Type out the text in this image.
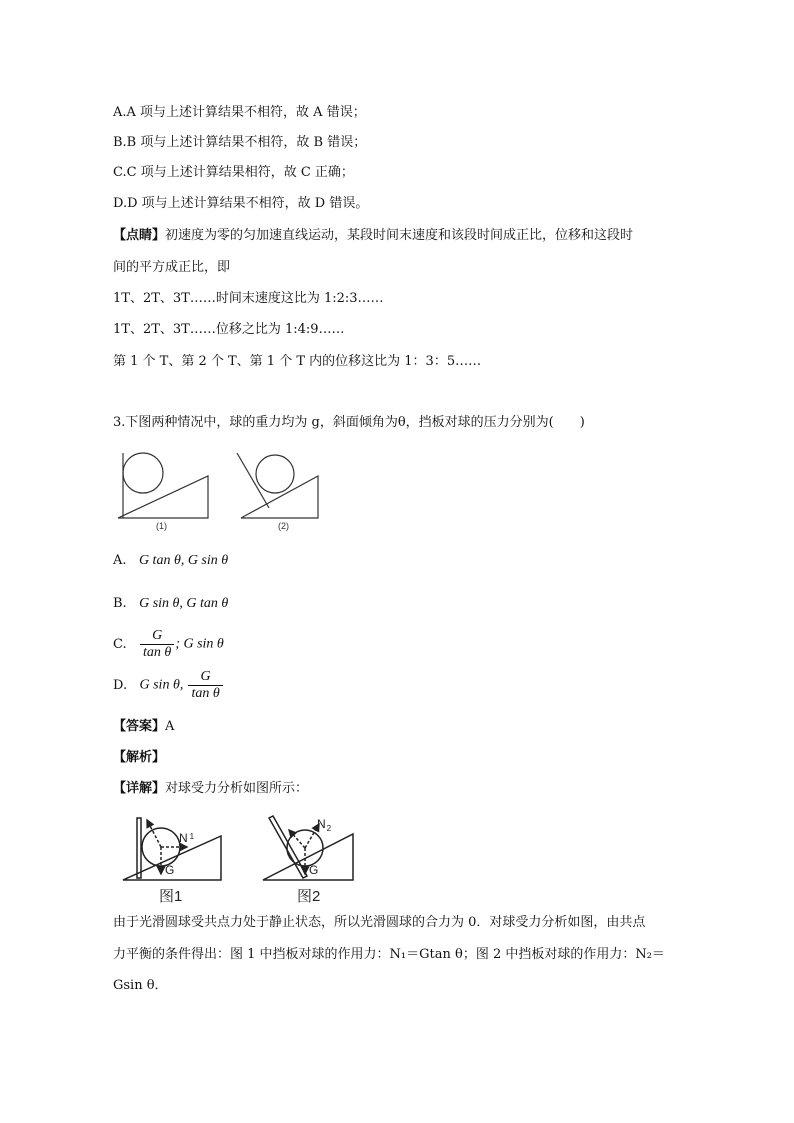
A.A 项与上述计算结果不相符，故 A 错误；
B.B 项与上述计算结果不相符，故 B 错误；
C.C 项与上述计算结果相符，故 C 正确；
D.D 项与上述计算结果不相符，故 D 错误。
【点睛】初速度为零的匀加速直线运动，某段时间末速度和该段时间成正比，位移和这段时
间的平方成正比，即
1T、2T、3T……时间末速度这比为 1:2:3……
1T、2T、3T……位移之比为 1:4:9……
第 1 个 T、第 2 个 T、第 1 个 T 内的位移这比为 1：3：5……
3.下图两种情况中，球的重力均为 g，斜面倾角为θ，挡板对球的压力分别为(　　)
(1)	(2)
A. G tan θ, G sin θ
B. G sin θ, G tan θ
C. $\frac{G}{\text{tan θ}}$ ; G sin θ
D. G sin θ, $\frac{G}{\text{tan θ}}$
【答案】A
【解析】
【详解】对球受力分析如图所示：
N $^1$
G
图1
$N_2$
G
图2
由于光滑圆球受共点力处于静止状态，所以光滑圆球的合力为 0．对球受力分析如图，由共点
力平衡的条件得出：图 1 中挡板对球的作用力：N₁＝Gtan θ；图 2 中挡板对球的作用力：N₂＝
Gsin θ．
